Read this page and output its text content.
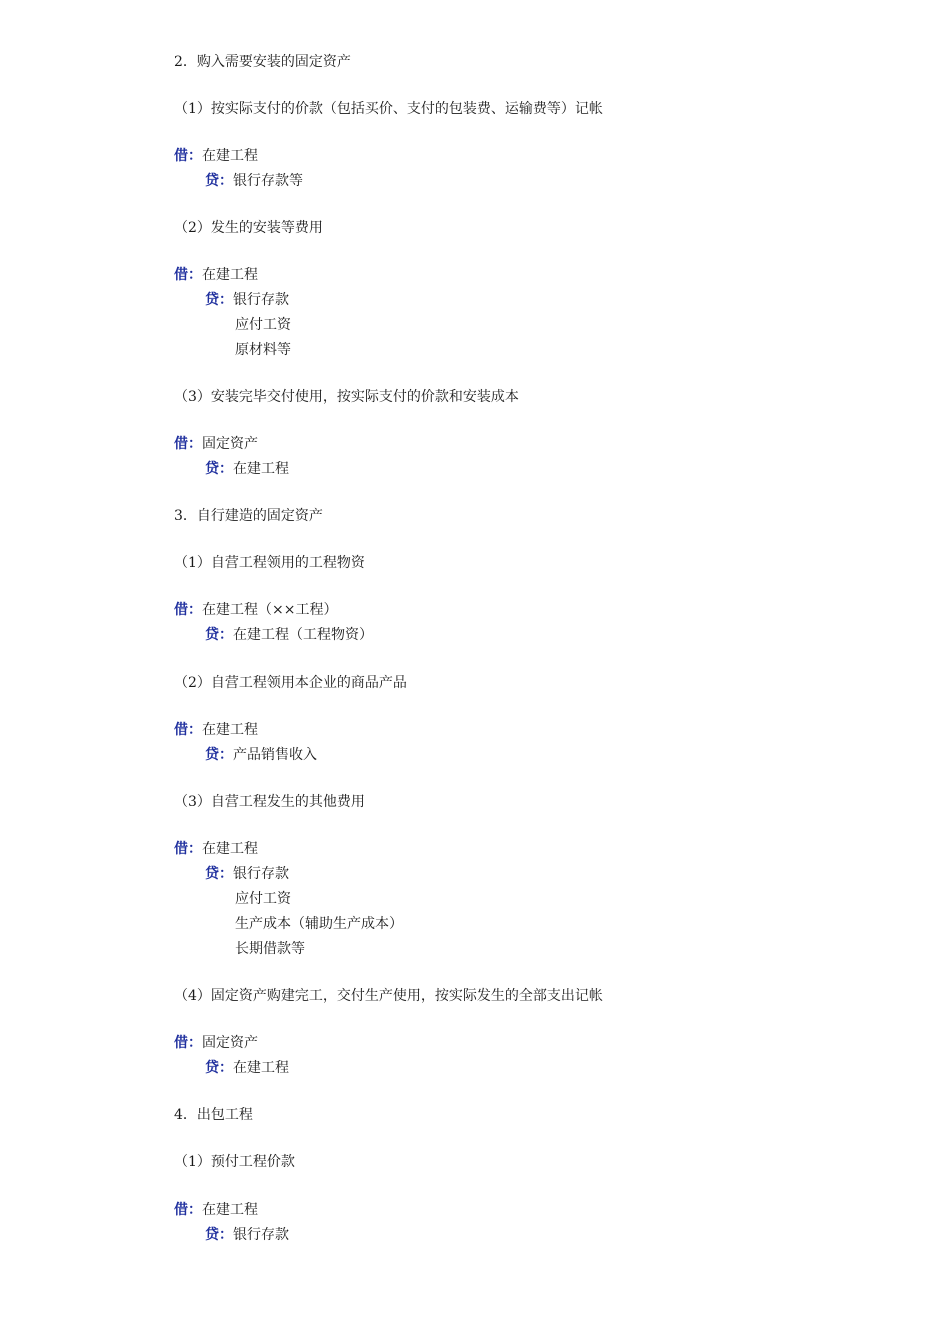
2．购入需要安装的固定资产
（1）按实际支付的价款（包括买价、支付的包装费、运输费等）记帐
借：在建工程
贷：银行存款等
（2）发生的安装等费用
借：在建工程
贷：银行存款
应付工资
原材料等
（3）安装完毕交付使用，按实际支付的价款和安装成本
借：固定资产
贷：在建工程
3．自行建造的固定资产
（1）自营工程领用的工程物资
借：在建工程（××工程）
贷：在建工程（工程物资）
（2）自营工程领用本企业的商品产品
借：在建工程
贷：产品销售收入
（3）自营工程发生的其他费用
借：在建工程
贷：银行存款
应付工资
生产成本（辅助生产成本）
长期借款等
（4）固定资产购建完工，交付生产使用，按实际发生的全部支出记帐
借：固定资产
贷：在建工程
4．出包工程
（1）预付工程价款
借：在建工程
贷：银行存款
